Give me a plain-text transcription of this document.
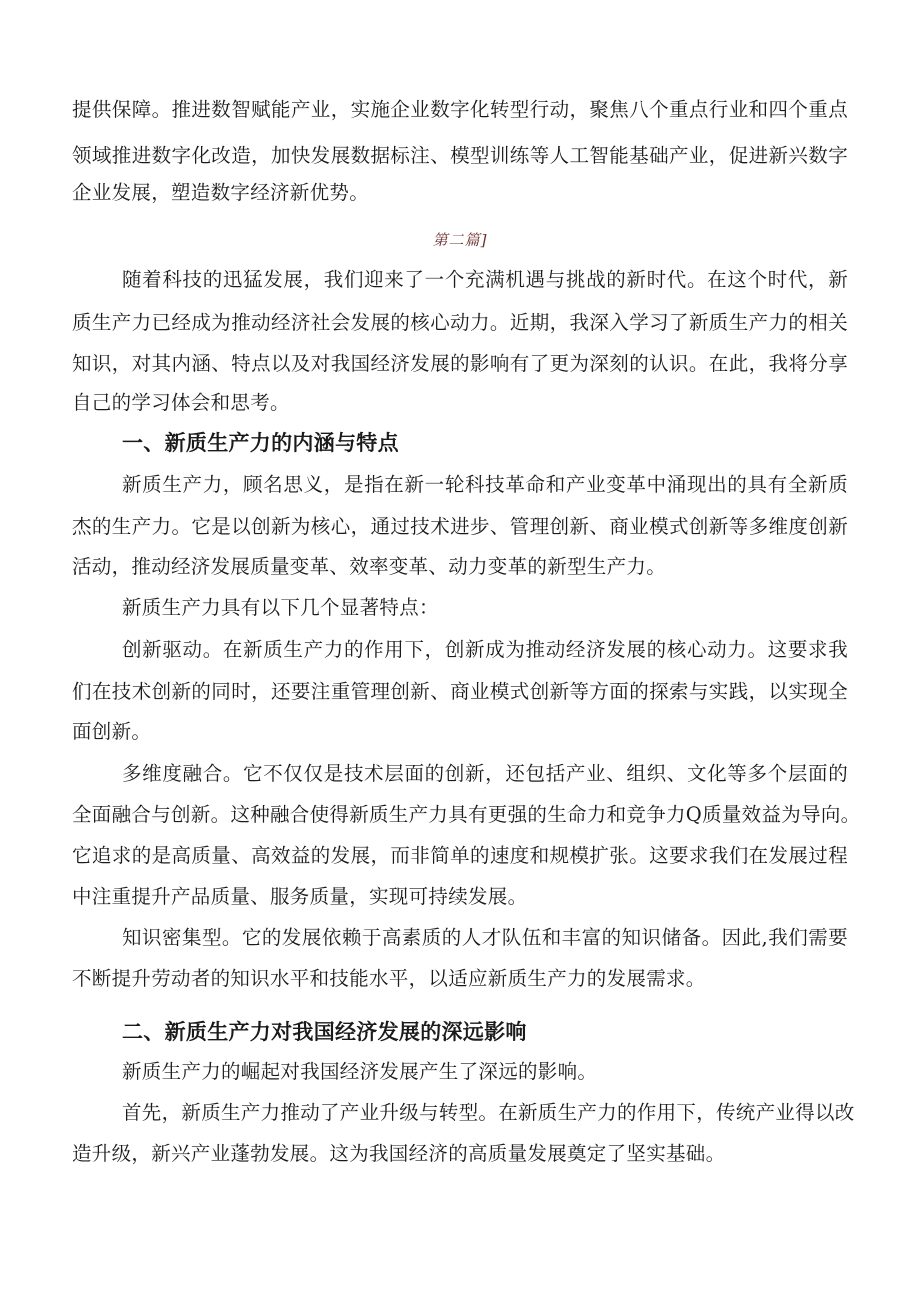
提供保障。推进数智赋能产业，实施企业数字化转型行动，聚焦八个重点行业和四个重点
领域推进数字化改造，加快发展数据标注、模型训练等人工智能基础产业，促进新兴数字
企业发展，塑造数字经济新优势。
第二篇]
随着科技的迅猛发展，我们迎来了一个充满机遇与挑战的新时代。在这个时代，新
质生产力已经成为推动经济社会发展的核心动力。近期，我深入学习了新质生产力的相关
知识，对其内涵、特点以及对我国经济发展的影响有了更为深刻的认识。在此，我将分享
自己的学习体会和思考。
一、新质生产力的内涵与特点
新质生产力，顾名思义，是指在新一轮科技革命和产业变革中涌现出的具有全新质
杰的生产力。它是以创新为核心，通过技术进步、管理创新、商业模式创新等多维度创新
活动，推动经济发展质量变革、效率变革、动力变革的新型生产力。
新质生产力具有以下几个显著特点：
创新驱动。在新质生产力的作用下，创新成为推动经济发展的核心动力。这要求我
们在技术创新的同时，还要注重管理创新、商业模式创新等方面的探索与实践，以实现全
面创新。
多维度融合。它不仅仅是技术层面的创新，还包括产业、组织、文化等多个层面的
全面融合与创新。这种融合使得新质生产力具有更强的生命力和竞争力Q质量效益为导向。
它追求的是高质量、高效益的发展，而非简单的速度和规模扩张。这要求我们在发展过程
中注重提升产品质量、服务质量，实现可持续发展。
知识密集型。它的发展依赖于高素质的人才队伍和丰富的知识储备。因此,我们需要
不断提升劳动者的知识水平和技能水平，以适应新质生产力的发展需求。
二、新质生产力对我国经济发展的深远影响
新质生产力的崛起对我国经济发展产生了深远的影响。
首先，新质生产力推动了产业升级与转型。在新质生产力的作用下，传统产业得以改
造升级，新兴产业蓬勃发展。这为我国经济的高质量发展奠定了坚实基础。
